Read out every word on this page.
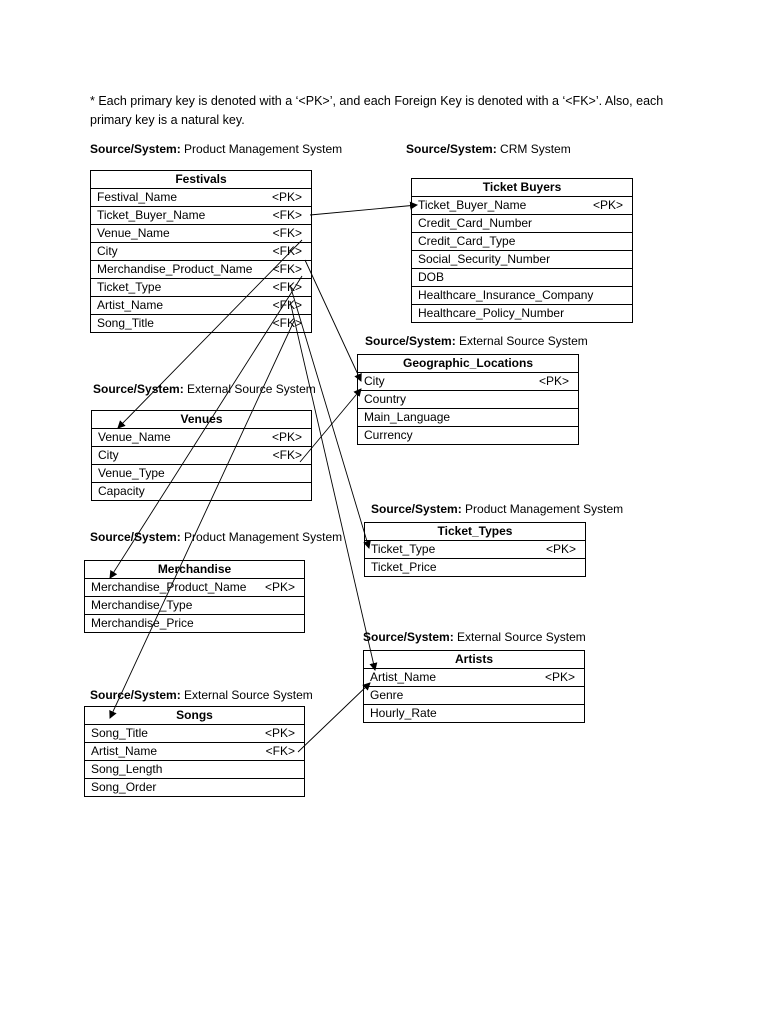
* Each primary key is denoted with a ‘<PK>’, and each Foreign Key is denoted with a ‘<FK>’. Also, each primary key is a natural key.
Source/System: Product Management System	Source/System: CRM System
Source/System: External Source System
Source/System: External Source System
Source/System: Product Management System
Source/System: Product Management System
Source/System: External Source System
Source/System: External Source System
Festivals
Festival_Name	<PK>
Ticket_Buyer_Name	<FK>
Venue_Name	<FK>
City	<FK>
Merchandise_Product_Name <FK>
Ticket_Type	<FK>
Artist_Name	<FK>
Song_Title	<FK>
Ticket Buyers
Ticket_Buyer_Name	<PK>
Credit_Card_Number
Credit_Card_Type
Social_Security_Number
DOB
Healthcare_Insurance_Company
Healthcare_Policy_Number
Geographic_Locations
City	<PK>
Country
Main_Language
Currency
Venues
Venue_Name	<PK>
City	<FK>
Venue_Type
Capacity
Ticket_Types
Ticket_Type	<PK>
Ticket_Price
Merchandise
Merchandise_Product_Name <PK>
Merchandise_Type
Merchandise_Price
Artists
Artist_Name	<PK>
Genre
Hourly_Rate
Songs
Song_Title	<PK>
Artist_Name	<FK>
Song_Length
Song_Order
